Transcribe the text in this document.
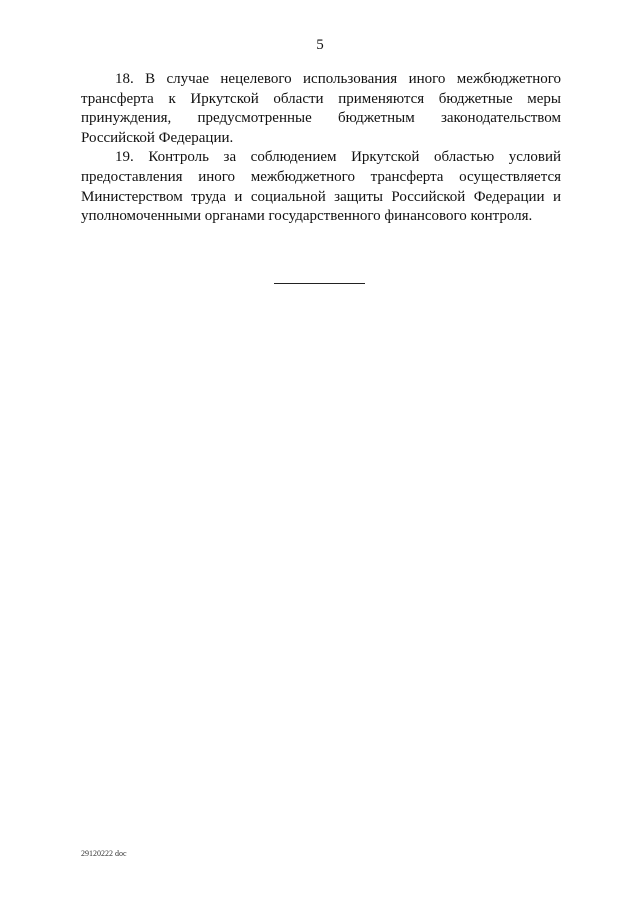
5

18. В случае нецелевого использования иного межбюджетного трансферта к Иркутской области применяются бюджетные меры принуждения, предусмотренные бюджетным законодательством Российской Федерации.

19. Контроль за соблюдением Иркутской областью условий предоставления иного межбюджетного трансферта осуществляется Министерством труда и социальной защиты Российской Федерации и уполномоченными органами государственного финансового контроля.

29120222 doc
